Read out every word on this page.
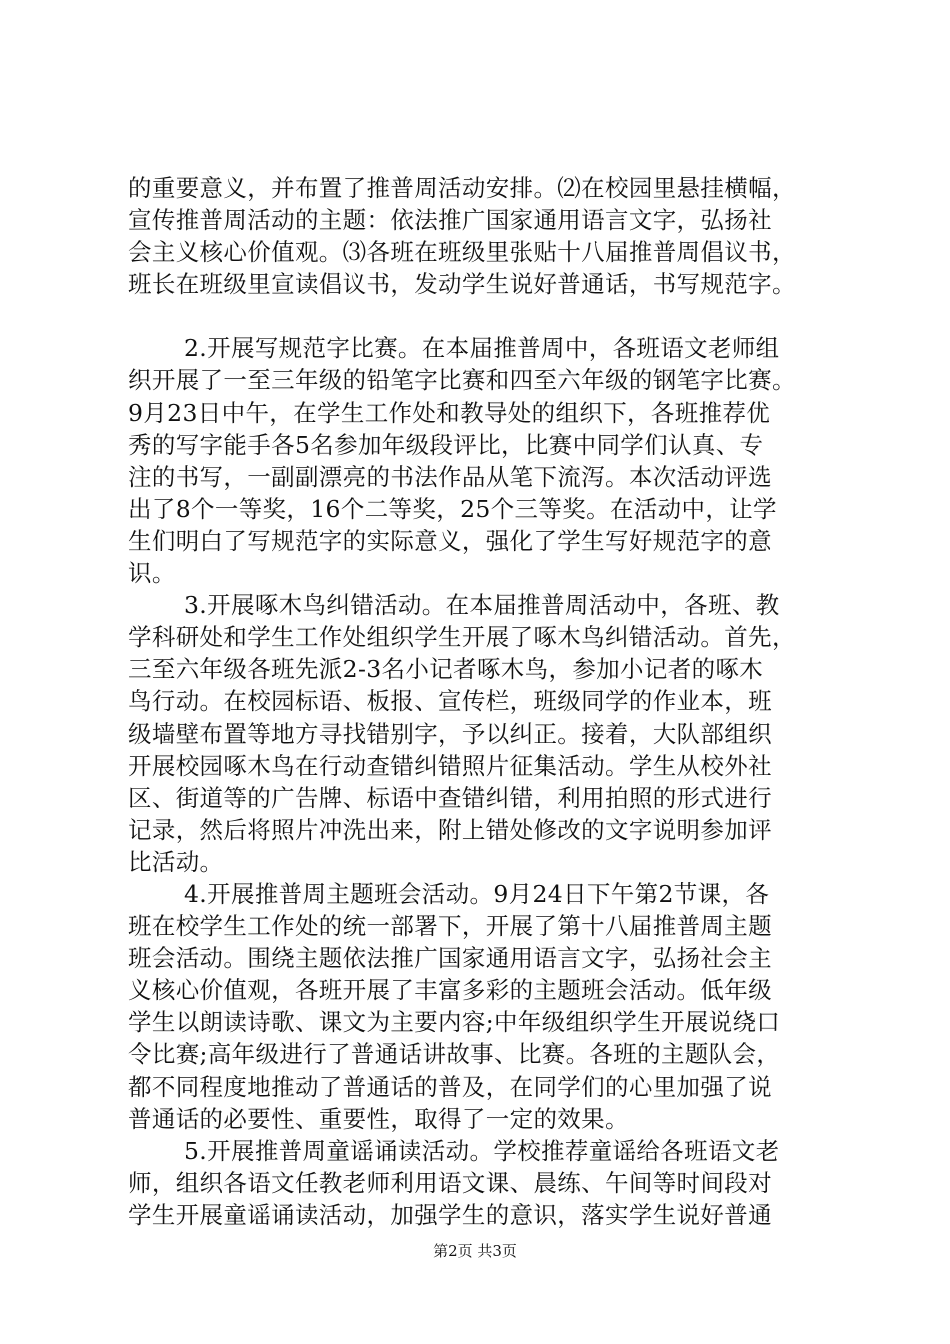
的重要意义，并布置了推普周活动安排。⑵在校园里悬挂横幅，
宣传推普周活动的主题：依法推广国家通用语言文字，弘扬社
会主义核心价值观。⑶各班在班级里张贴十八届推普周倡议书，
班长在班级里宣读倡议书，发动学生说好普通话，书写规范字。
2.开展写规范字比赛。在本届推普周中，各班语文老师组
织开展了一至三年级的铅笔字比赛和四至六年级的钢笔字比赛。
9月23日中午，在学生工作处和教导处的组织下，各班推荐优
秀的写字能手各5名参加年级段评比，比赛中同学们认真、专
注的书写，一副副漂亮的书法作品从笔下流泻。本次活动评选
出了8个一等奖，16个二等奖，25个三等奖。在活动中，让学
生们明白了写规范字的实际意义，强化了学生写好规范字的意
识。
3.开展啄木鸟纠错活动。在本届推普周活动中，各班、教
学科研处和学生工作处组织学生开展了啄木鸟纠错活动。首先，
三至六年级各班先派2-3名小记者啄木鸟，参加小记者的啄木
鸟行动。在校园标语、板报、宣传栏，班级同学的作业本，班
级墙壁布置等地方寻找错别字，予以纠正。接着，大队部组织
开展校园啄木鸟在行动查错纠错照片征集活动。学生从校外社
区、街道等的广告牌、标语中查错纠错，利用拍照的形式进行
记录，然后将照片冲洗出来，附上错处修改的文字说明参加评
比活动。
4.开展推普周主题班会活动。9月24日下午第2节课，各
班在校学生工作处的统一部署下，开展了第十八届推普周主题
班会活动。围绕主题依法推广国家通用语言文字，弘扬社会主
义核心价值观，各班开展了丰富多彩的主题班会活动。低年级
学生以朗读诗歌、课文为主要内容;中年级组织学生开展说绕口
令比赛;高年级进行了普通话讲故事、比赛。各班的主题队会，
都不同程度地推动了普通话的普及，在同学们的心里加强了说
普通话的必要性、重要性，取得了一定的效果。
5.开展推普周童谣诵读活动。学校推荐童谣给各班语文老
师，组织各语文任教老师利用语文课、晨练、午间等时间段对
学生开展童谣诵读活动，加强学生的意识，落实学生说好普通
第2页 共3页
